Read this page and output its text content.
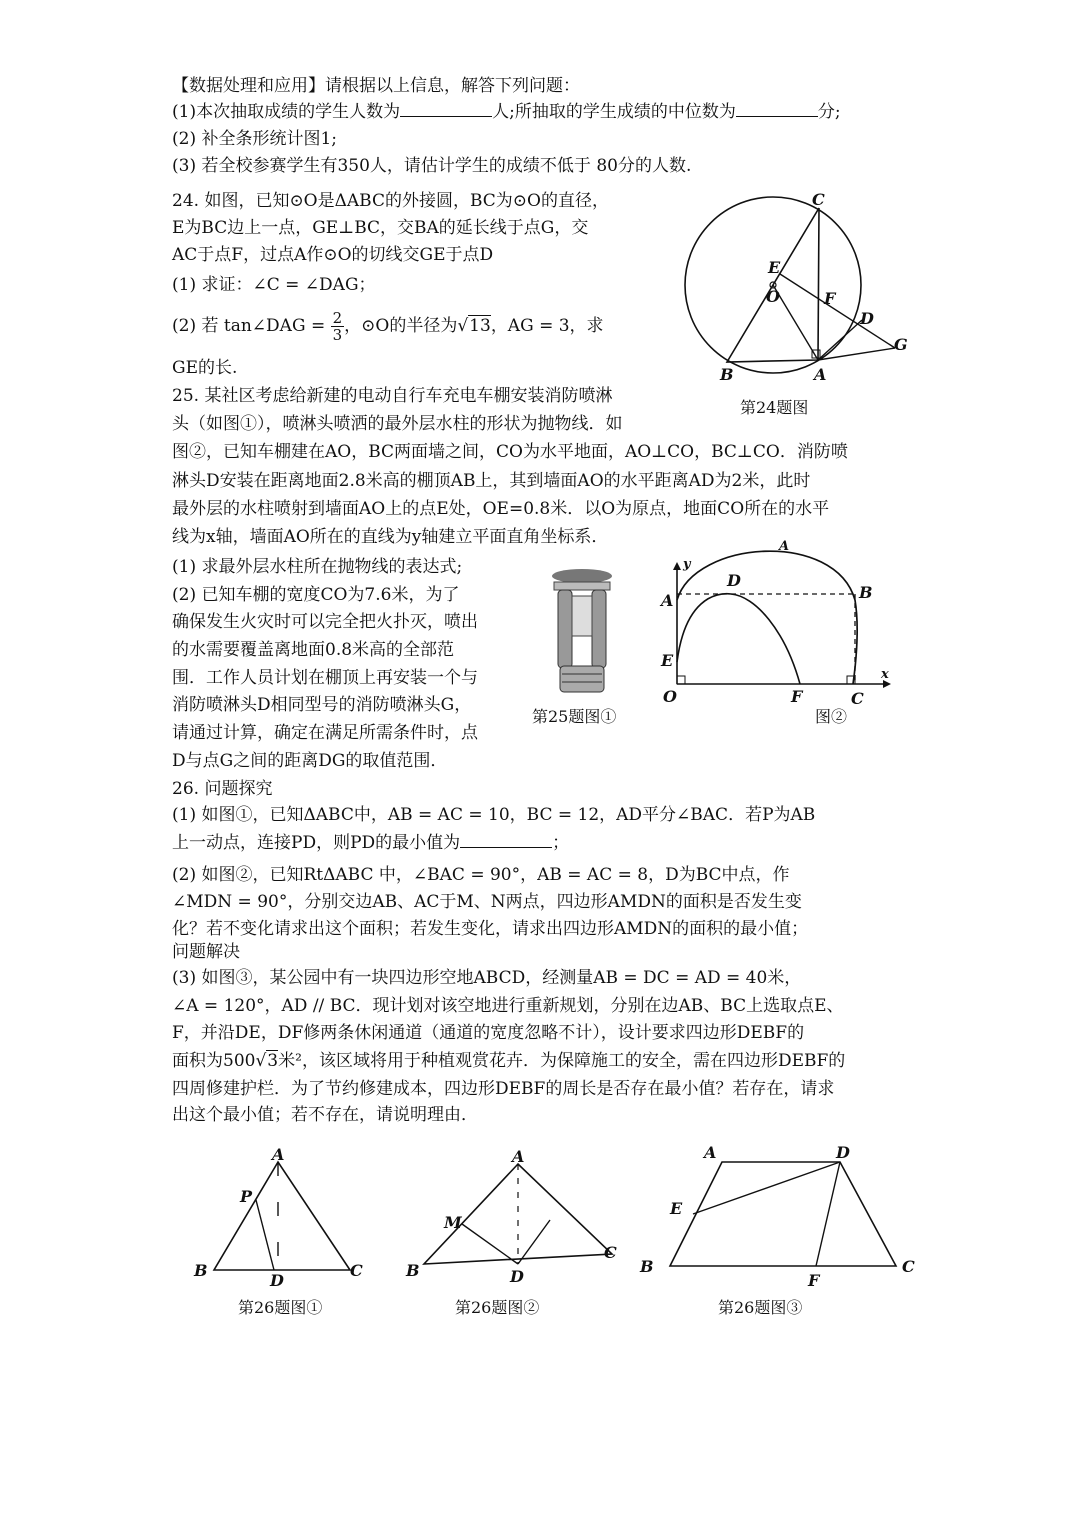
【数据处理和应用】请根据以上信息，解答下列问题：
(1)本次抽取成绩的学生人数为	人;所抽取的学生成绩的中位数为	分;
(2) 补全条形统计图1;
(3) 若全校参赛学生有350人，请估计学生的成绩不低于 80分的人数.
24. 如图，已知⊙O是ΔABC的外接圆，BC为⊙O的直径，
E为BC边上一点，GE⊥BC，交BA的延长线于点G，交
AC于点F，过点A作⊙O的切线交GE于点D
(1) 求证：∠C = ∠DAG；
(2) 若 tan∠DAG = $\frac{2}{3}$ ，⊙O的半径为√13，AG = 3，求
GE的长.
C
E
O	F
D
G
B	A
第24题图
25. 某社区考虑给新建的电动自行车充电车棚安装消防喷淋
头（如图①），喷淋头喷洒的最外层水柱的形状为抛物线．如
图②，已知车棚建在AO，BC两面墙之间，CO为水平地面，AO⊥CO，BC⊥CO．消防喷
淋头D安装在距离地面2.8米高的棚顶AB上，其到墙面AO的水平距离AD为2米，此时
最外层的水柱喷射到墙面AO上的点E处，OE=0.8米．以O为原点，地面CO所在的水平
线为x轴，墙面AO所在的直线为y轴建立平面直角坐标系．
(1) 求最外层水柱所在抛物线的表达式;
(2) 已知车棚的宽度CO为7.6米，为了
确保发生火灾时可以完全把火扑灭，喷出
的水需要覆盖离地面0.8米高的全部范
围．工作人员计划在棚顶上再安装一个与
消防喷淋头D相同型号的消防喷淋头G，
请通过计算，确定在满足所需条件时，点
D与点G之间的距离DG的取值范围．
第25题图①
A
D
A	B
E
O	F	C
x
y
图②
26. 问题探究
(1) 如图①，已知ΔABC中，AB = AC = 10，BC = 12，AD平分∠BAC．若P为AB
上一动点，连接PD，则PD的最小值为	；
(2) 如图②，已知RtΔABC 中，∠BAC = 90°，AB = AC = 8，D为BC中点，作
∠MDN = 90°，分别交边AB、AC于M、N两点，四边形AMDN的面积是否发生变
化？若不变化请求出这个面积；若发生变化，请求出四边形AMDN的面积的最小值；
问题解决
(3) 如图③，某公园中有一块四边形空地ABCD，经测量AB = DC = AD = 40米，
∠A = 120°，AD // BC．现计划对该空地进行重新规划，分别在边AB、BC上选取点E、
F，并沿DE，DF修两条休闲通道（通道的宽度忽略不计），设计要求四边形DEBF的
面积为500√3米²，该区域将用于种植观赏花卉．为保障施工的安全，需在四边形DEBF的
四周修建护栏．为了节约修建成本，四边形DEBF的周长是否存在最小值？若存在，请求
出这个最小值；若不存在，请说明理由．
A
P
B
D
C
第26题图①
A
M
B	D
C
第26题图②
A	D
E
B
F
C
第26题图③
